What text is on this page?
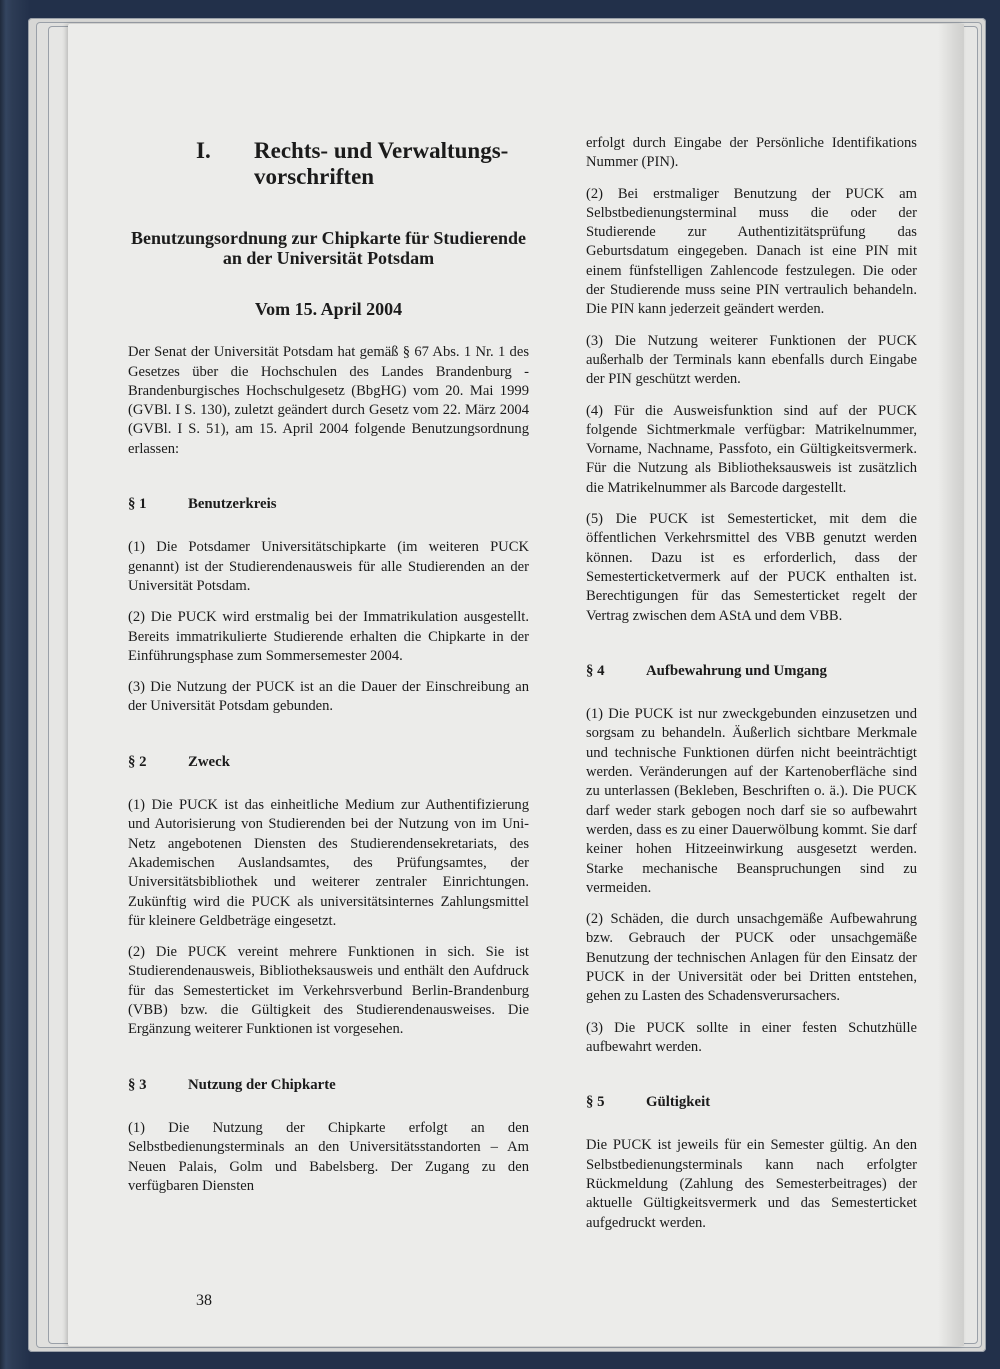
I.	Rechts- und Verwaltungs-vorschriften
Benutzungsordnung zur Chipkarte für Studierende an der Universität Potsdam
Vom 15. April 2004

Der Senat der Universität Potsdam hat gemäß § 67 Abs. 1 Nr. 1 des Gesetzes über die Hochschulen des Landes Brandenburg - Brandenburgisches Hochschulgesetz (BbgHG) vom 20. Mai 1999 (GVBl. I S. 130), zuletzt geändert durch Gesetz vom 22. März 2004 (GVBl. I S. 51), am 15. April 2004 folgende Benutzungsordnung erlassen:

§ 1	Benutzerkreis

(1) Die Potsdamer Universitätschipkarte (im weiteren PUCK genannt) ist der Studierendenausweis für alle Studierenden an der Universität Potsdam.

(2) Die PUCK wird erstmalig bei der Immatrikulation ausgestellt. Bereits immatrikulierte Studierende erhalten die Chipkarte in der Einführungsphase zum Sommersemester 2004.

(3) Die Nutzung der PUCK ist an die Dauer der Einschreibung an der Universität Potsdam gebunden.

§ 2	Zweck

(1) Die PUCK ist das einheitliche Medium zur Authentifizierung und Autorisierung von Studierenden bei der Nutzung von im Uni-Netz angebotenen Diensten des Studierendensekretariats, des Akademischen Auslandsamtes, des Prüfungsamtes, der Universitätsbibliothek und weiterer zentraler Einrichtungen. Zukünftig wird die PUCK als universitätsinternes Zahlungsmittel für kleinere Geldbeträge eingesetzt.

(2) Die PUCK vereint mehrere Funktionen in sich. Sie ist Studierendenausweis, Bibliotheksausweis und enthält den Aufdruck für das Semesterticket im Verkehrsverbund Berlin-Brandenburg (VBB) bzw. die Gültigkeit des Studierendenausweises. Die Ergänzung weiterer Funktionen ist vorgesehen.

§ 3	Nutzung der Chipkarte

(1) Die Nutzung der Chipkarte erfolgt an den Selbstbedienungsterminals an den Universitätsstandorten – Am Neuen Palais, Golm und Babelsberg. Der Zugang zu den verfügbaren Diensten

erfolgt durch Eingabe der Persönliche Identifikations Nummer (PIN).

(2) Bei erstmaliger Benutzung der PUCK am Selbstbedienungsterminal muss die oder der Studierende zur Authentizitätsprüfung das Geburtsdatum eingegeben. Danach ist eine PIN mit einem fünfstelligen Zahlencode festzulegen. Die oder der Studierende muss seine PIN vertraulich behandeln. Die PIN kann jederzeit geändert werden.

(3) Die Nutzung weiterer Funktionen der PUCK außerhalb der Terminals kann ebenfalls durch Eingabe der PIN geschützt werden.

(4) Für die Ausweisfunktion sind auf der PUCK folgende Sichtmerkmale verfügbar: Matrikelnummer, Vorname, Nachname, Passfoto, ein Gültigkeitsvermerk. Für die Nutzung als Bibliotheksausweis ist zusätzlich die Matrikelnummer als Barcode dargestellt.

(5) Die PUCK ist Semesterticket, mit dem die öffentlichen Verkehrsmittel des VBB genutzt werden können. Dazu ist es erforderlich, dass der Semesterticketvermerk auf der PUCK enthalten ist. Berechtigungen für das Semesterticket regelt der Vertrag zwischen dem AStA und dem VBB.

§ 4	Aufbewahrung und Umgang

(1) Die PUCK ist nur zweckgebunden einzusetzen und sorgsam zu behandeln. Äußerlich sichtbare Merkmale und technische Funktionen dürfen nicht beeinträchtigt werden. Veränderungen auf der Kartenoberfläche sind zu unterlassen (Bekleben, Beschriften o. ä.). Die PUCK darf weder stark gebogen noch darf sie so aufbewahrt werden, dass es zu einer Dauerwölbung kommt. Sie darf keiner hohen Hitzeeinwirkung ausgesetzt werden. Starke mechanische Beanspruchungen sind zu vermeiden.

(2) Schäden, die durch unsachgemäße Aufbewahrung bzw. Gebrauch der PUCK oder unsachgemäße Benutzung der technischen Anlagen für den Einsatz der PUCK in der Universität oder bei Dritten entstehen, gehen zu Lasten des Schadensverursachers.

(3) Die PUCK sollte in einer festen Schutzhülle aufbewahrt werden.

§ 5	Gültigkeit

Die PUCK ist jeweils für ein Semester gültig. An den Selbstbedienungsterminals kann nach erfolgter Rückmeldung (Zahlung des Semesterbeitrages) der aktuelle Gültigkeitsvermerk und das Semesterticket aufgedruckt werden.

38
